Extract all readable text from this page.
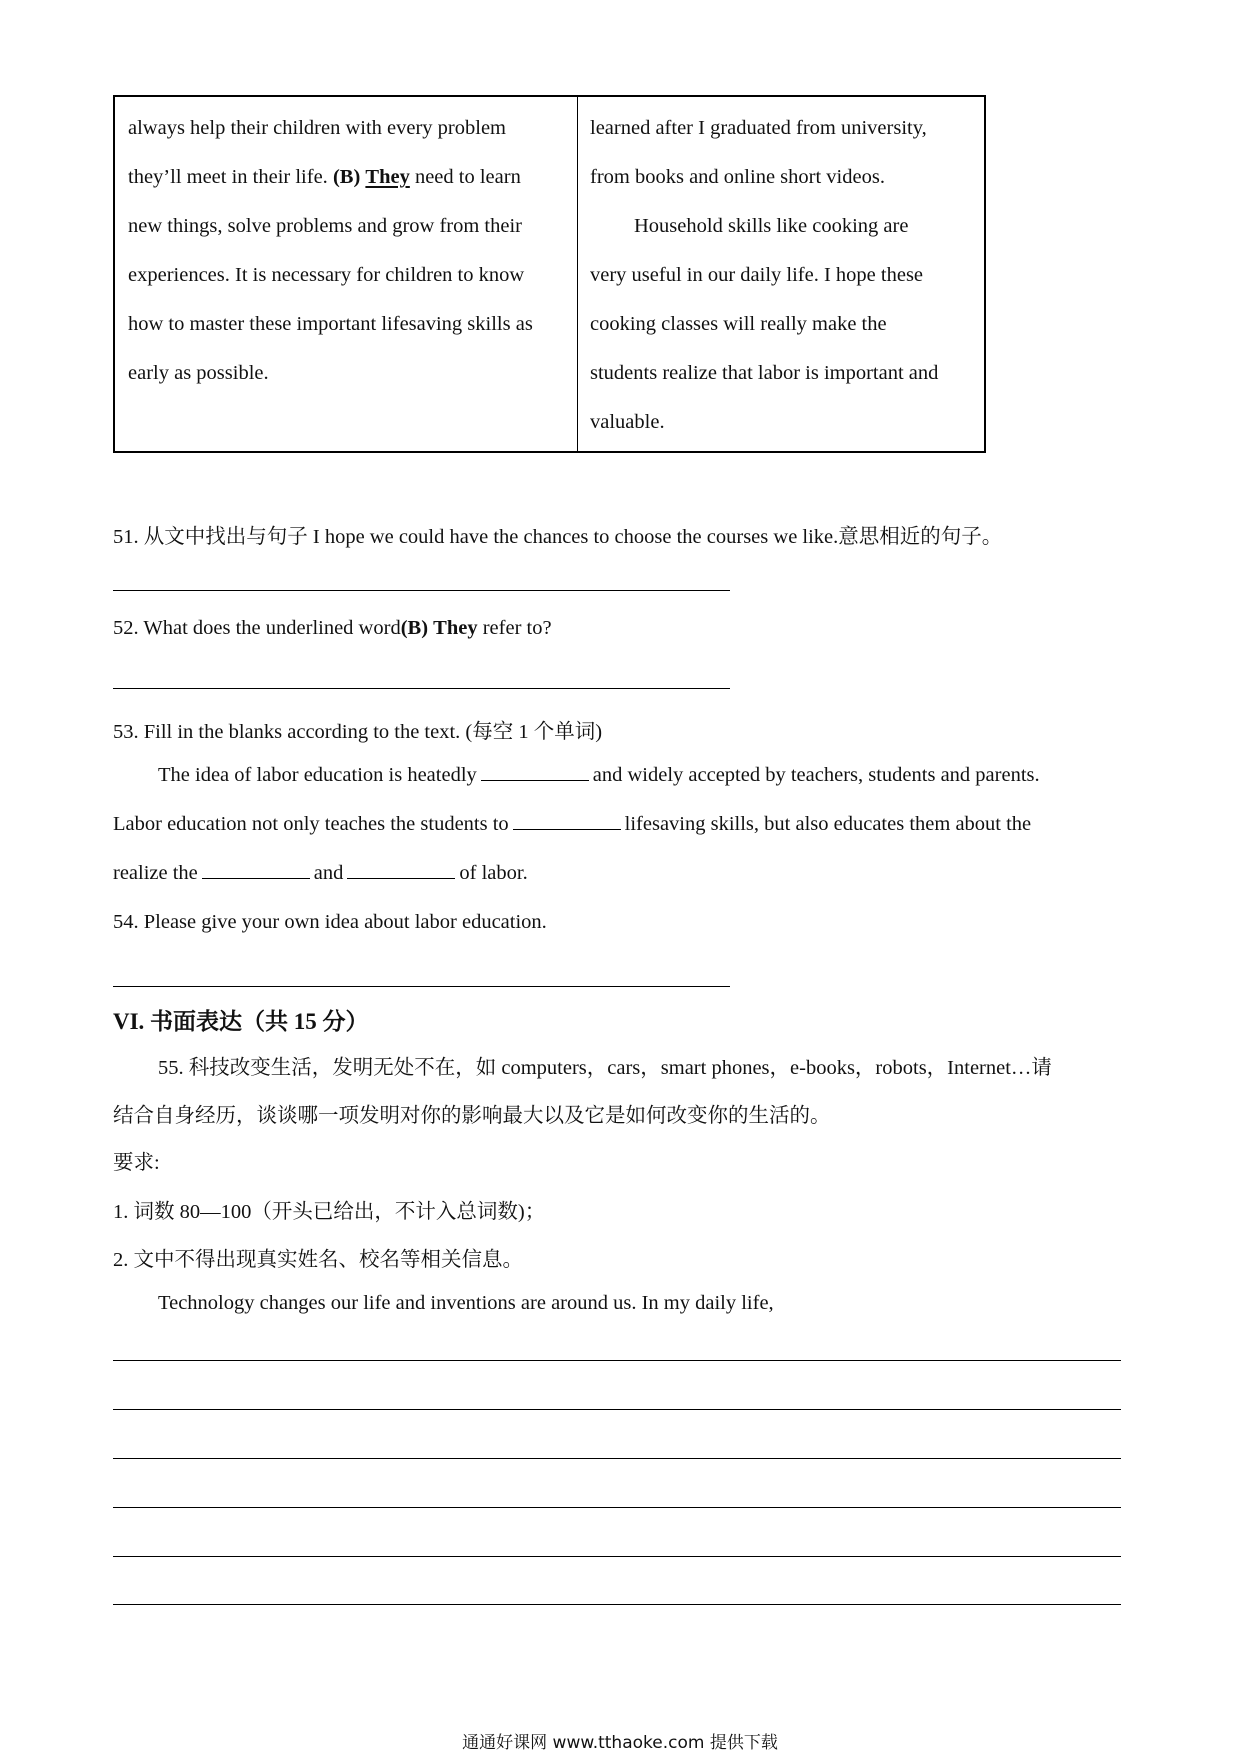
always help their children with every problem
they’ll meet in their life. (B) They need to learn
new things, solve problems and grow from their
experiences. It is necessary for children to know
how to master these important lifesaving skills as
early as possible.
learned after I graduated from university,
from books and online short videos.
Household skills like cooking are
very useful in our daily life. I hope these
cooking classes will really make the
students realize that labor is important and
valuable.
51. 从文中找出与句子 I hope we could have the chances to choose the courses we like.意思相近的句子。
52. What does the underlined word(B) They refer to?
53. Fill in the blanks according to the text. (每空 1 个单词)
The idea of labor education is heatedly	and widely accepted by teachers, students and parents.
Labor education not only teaches the students to	lifesaving skills, but also educates them about the
realize the	and	of labor.
54. Please give your own idea about labor education.
VI. 书面表达（共 15 分）
55. 科技改变生活，发明无处不在，如 computers，cars，smart phones，e-books，robots，Internet…请
结合自身经历，谈谈哪一项发明对你的影响最大以及它是如何改变你的生活的。
要求:
1. 词数 80—100（开头已给出，不计入总词数)；
2. 文中不得出现真实姓名、校名等相关信息。
Technology changes our life and inventions are around us. In my daily life,
通通好课网 www.tthaoke.com 提供下载
